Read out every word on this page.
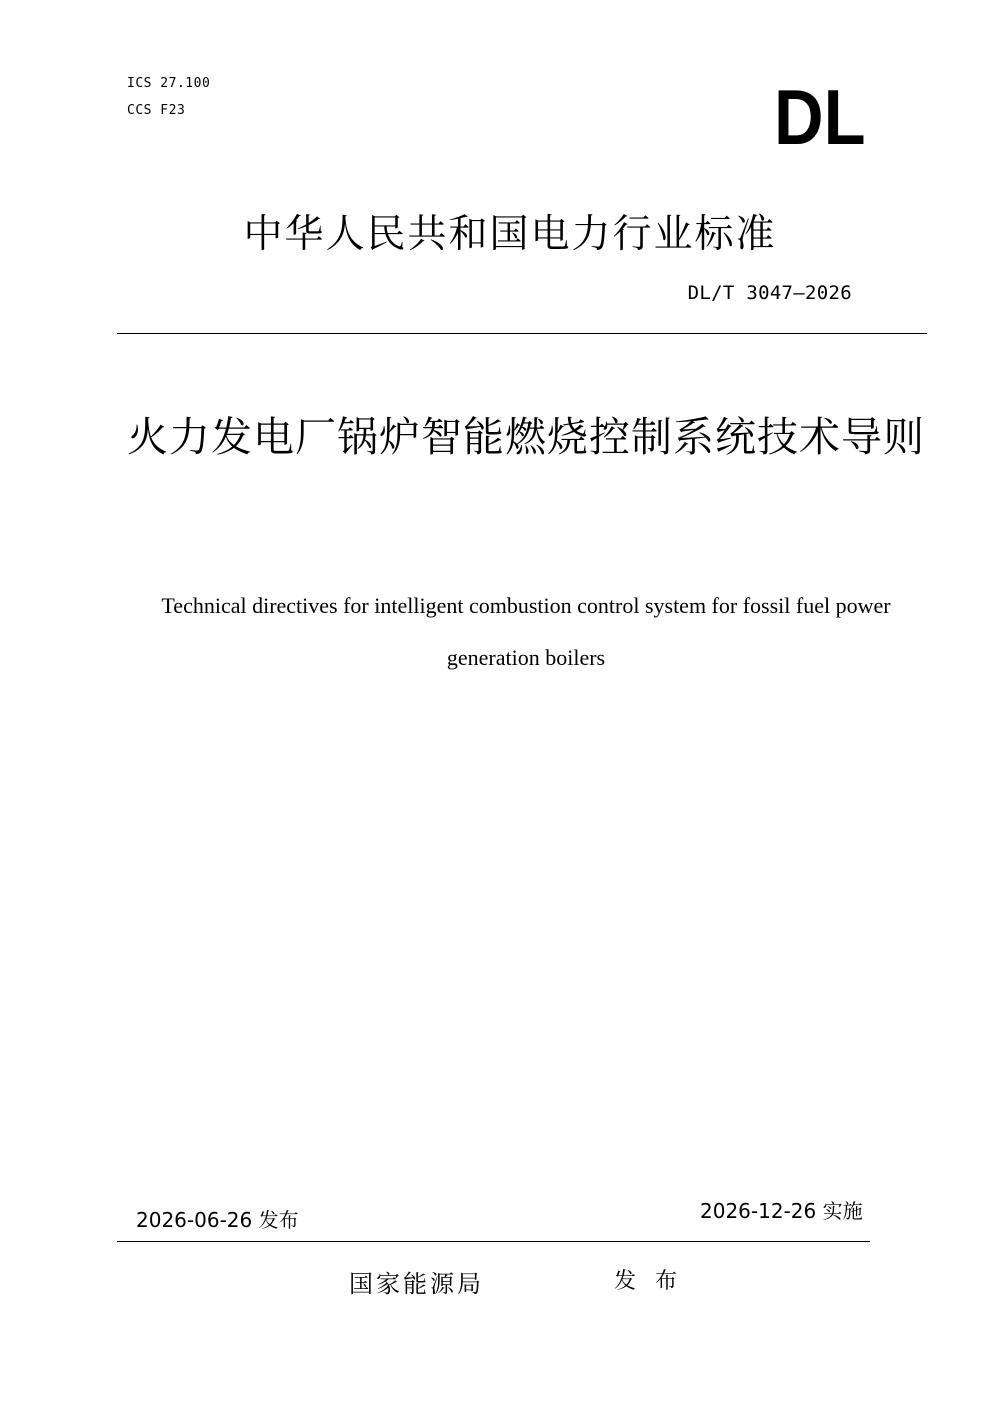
ICS 27.100
CCS F23	DL
中华人民共和国电力行业标准
DL/T 3047—2026
火力发电厂锅炉智能燃烧控制系统技术导则
Technical directives for intelligent combustion control system for fossil fuel power generation boilers
2026-06-26 发布	2026-12-26 实施
国家能源局	发 布
